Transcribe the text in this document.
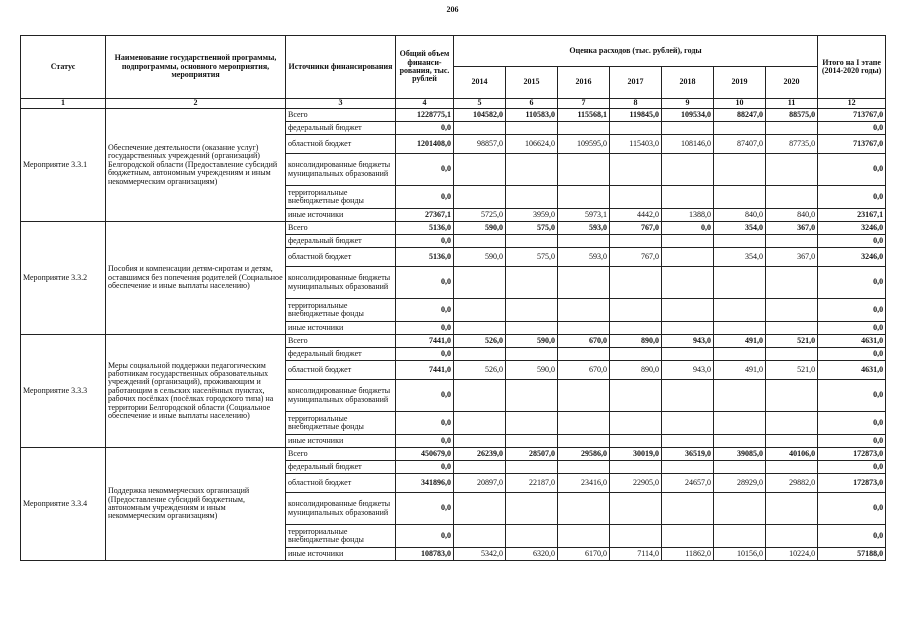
206
Статус	Наименование государственной программы, подпрограммы, основного мероприятия, мероприятия	Источники финансирования	Общий объем финанси-рования, тыс. рублей	Оценка расходов (тыс. рублей), годы							Итого на I этапе (2014-2020 годы)
				2014	2015	2016	2017	2018	2019	2020	
1	2	3	4	5	6	7	8	9	10	11	12
Мероприятие 3.3.1	Обеспечение деятельности (оказание услуг) государственных учреждений (организаций) Белгородской области (Предоставление субсидий бюджетным, автономным учреждениям и иным некоммерческим организациям)	Всего	1228775,1	104582,0	110583,0	115568,1	119845,0	109534,0	88247,0	88575,0	713767,0
		федеральный бюджет	0,0								0,0
		областной бюджет	1201408,0	98857,0	106624,0	109595,0	115403,0	108146,0	87407,0	87735,0	713767,0
		консолидированные бюджеты муниципальных образований	0,0								0,0
		территориальные внебюджетные фонды	0,0								0,0
		иные источники	27367,1	5725,0	3959,0	5973,1	4442,0	1388,0	840,0	840,0	23167,1
Мероприятие 3.3.2	Пособия и компенсации детям-сиротам и детям, оставшимся без попечения родителей (Социальное обеспечение и иные выплаты населению)	Всего	5136,0	590,0	575,0	593,0	767,0	0,0	354,0	367,0	3246,0
		федеральный бюджет	0,0								0,0
		областной бюджет	5136,0	590,0	575,0	593,0	767,0		354,0	367,0	3246,0
		консолидированные бюджеты муниципальных образований	0,0								0,0
		территориальные внебюджетные фонды	0,0								0,0
		иные источники	0,0								0,0
Мероприятие 3.3.3	Меры социальной поддержки педагогическим работникам государственных образовательных учреждений (организаций), проживающим и работающим в сельских населённых пунктах, рабочих посёлках (посёлках городского типа) на территории Белгородской области (Социальное обеспечение и иные выплаты населению)	Всего	7441,0	526,0	590,0	670,0	890,0	943,0	491,0	521,0	4631,0
		федеральный бюджет	0,0								0,0
		областной бюджет	7441,0	526,0	590,0	670,0	890,0	943,0	491,0	521,0	4631,0
		консолидированные бюджеты муниципальных образований	0,0								0,0
		территориальные внебюджетные фонды	0,0								0,0
		иные источники	0,0								0,0
Мероприятие 3.3.4	Поддержка некоммерческих организаций (Предоставление субсидий бюджетным, автономным учреждениям и иным некоммерческим организациям)	Всего	450679,0	26239,0	28507,0	29586,0	30019,0	36519,0	39085,0	40106,0	172873,0
		федеральный бюджет	0,0								0,0
		областной бюджет	341896,0	20897,0	22187,0	23416,0	22905,0	24657,0	28929,0	29882,0	172873,0
		консолидированные бюджеты муниципальных образований	0,0								0,0
		территориальные внебюджетные фонды	0,0								0,0
		иные источники	108783,0	5342,0	6320,0	6170,0	7114,0	11862,0	10156,0	10224,0	57188,0
